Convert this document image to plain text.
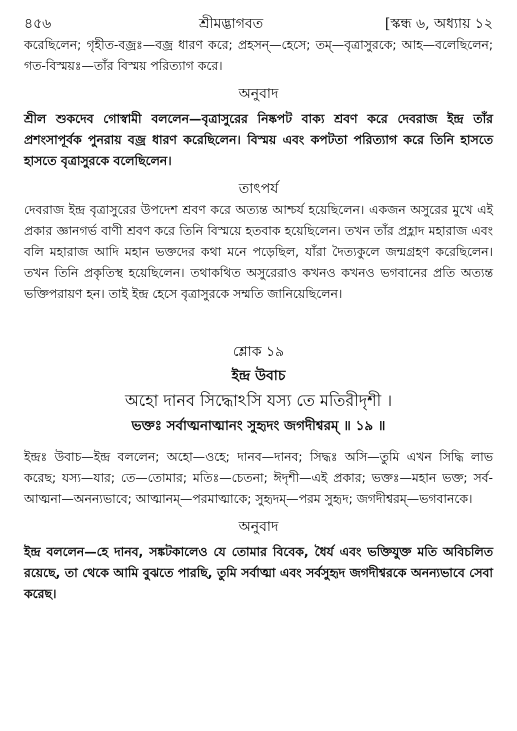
৪৫৬	শ্রীমদ্ভাগবত	[স্কন্ধ ৬, অধ্যায় ১২

করেছিলেন; গৃহীত-বজ্রঃ—বজ্র ধারণ করে; প্রহসন্—হেসে; তম্—বৃত্রাসুরকে; আহ—বলেছিলেন; গত-বিস্ময়ঃ—তাঁর বিস্ময় পরিত্যাগ করে।

অনুবাদ

শ্রীল শুকদেব গোস্বামী বললেন—বৃত্রাসুরের নিষ্কপট বাক্য শ্রবণ করে দেবরাজ ইন্দ্র তাঁর প্রশংসাপূর্বক পুনরায় বজ্র ধারণ করেছিলেন। বিস্ময় এবং কপটতা পরিত্যাগ করে তিনি হাসতে হাসতে বৃত্রাসুরকে বলেছিলেন।

তাৎপর্য

দেবরাজ ইন্দ্র বৃত্রাসুরের উপদেশ শ্রবণ করে অত্যন্ত আশ্চর্য হয়েছিলেন। একজন অসুরের মুখে এই প্রকার জ্ঞানগর্ভ বাণী শ্রবণ করে তিনি বিস্ময়ে হতবাক হয়েছিলেন। তখন তাঁর প্রহ্লাদ মহারাজ এবং বলি মহারাজ আদি মহান ভক্তদের কথা মনে পড়েছিল, যাঁরা দৈত্যকুলে জন্মগ্রহণ করেছিলেন। তখন তিনি প্রকৃতিস্থ হয়েছিলেন। তথাকথিত অসুরেরাও কখনও কখনও ভগবানের প্রতি অত্যন্ত ভক্তিপরায়ণ হন। তাই ইন্দ্র হেসে বৃত্রাসুরকে সম্মতি জানিয়েছিলেন।

শ্লোক ১৯

ইন্দ্র উবাচ

অহো দানব সিদ্ধোঽসি যস্য তে মতিরীদৃশী ।

ভক্তঃ সর্বাত্মনাত্মানং সুহৃদং জগদীশ্বরম্ ॥ ১৯ ॥

ইন্দ্রঃ উবাচ—ইন্দ্র বললেন; অহো—ওহে; দানব—দানব; সিদ্ধঃ অসি—তুমি এখন সিদ্ধি লাভ করেছ; যস্য—যার; তে—তোমার; মতিঃ—চেতনা; ঈদৃশী—এই প্রকার; ভক্তঃ—মহান ভক্ত; সর্ব-আত্মনা—অনন্যভাবে; আত্মানম্—পরমাত্মাকে; সুহৃদম্—পরম সুহৃদ; জগদীশ্বরম্—ভগবানকে।

অনুবাদ

ইন্দ্র বললেন—হে দানব, সঙ্কটকালেও যে তোমার বিবেক, ধৈর্য এবং ভক্তিযুক্ত মতি অবিচলিত রয়েছে, তা থেকে আমি বুঝতে পারছি, তুমি সর্বাত্মা এবং সর্বসুহৃদ জগদীশ্বরকে অনন্যভাবে সেবা করেছ।
